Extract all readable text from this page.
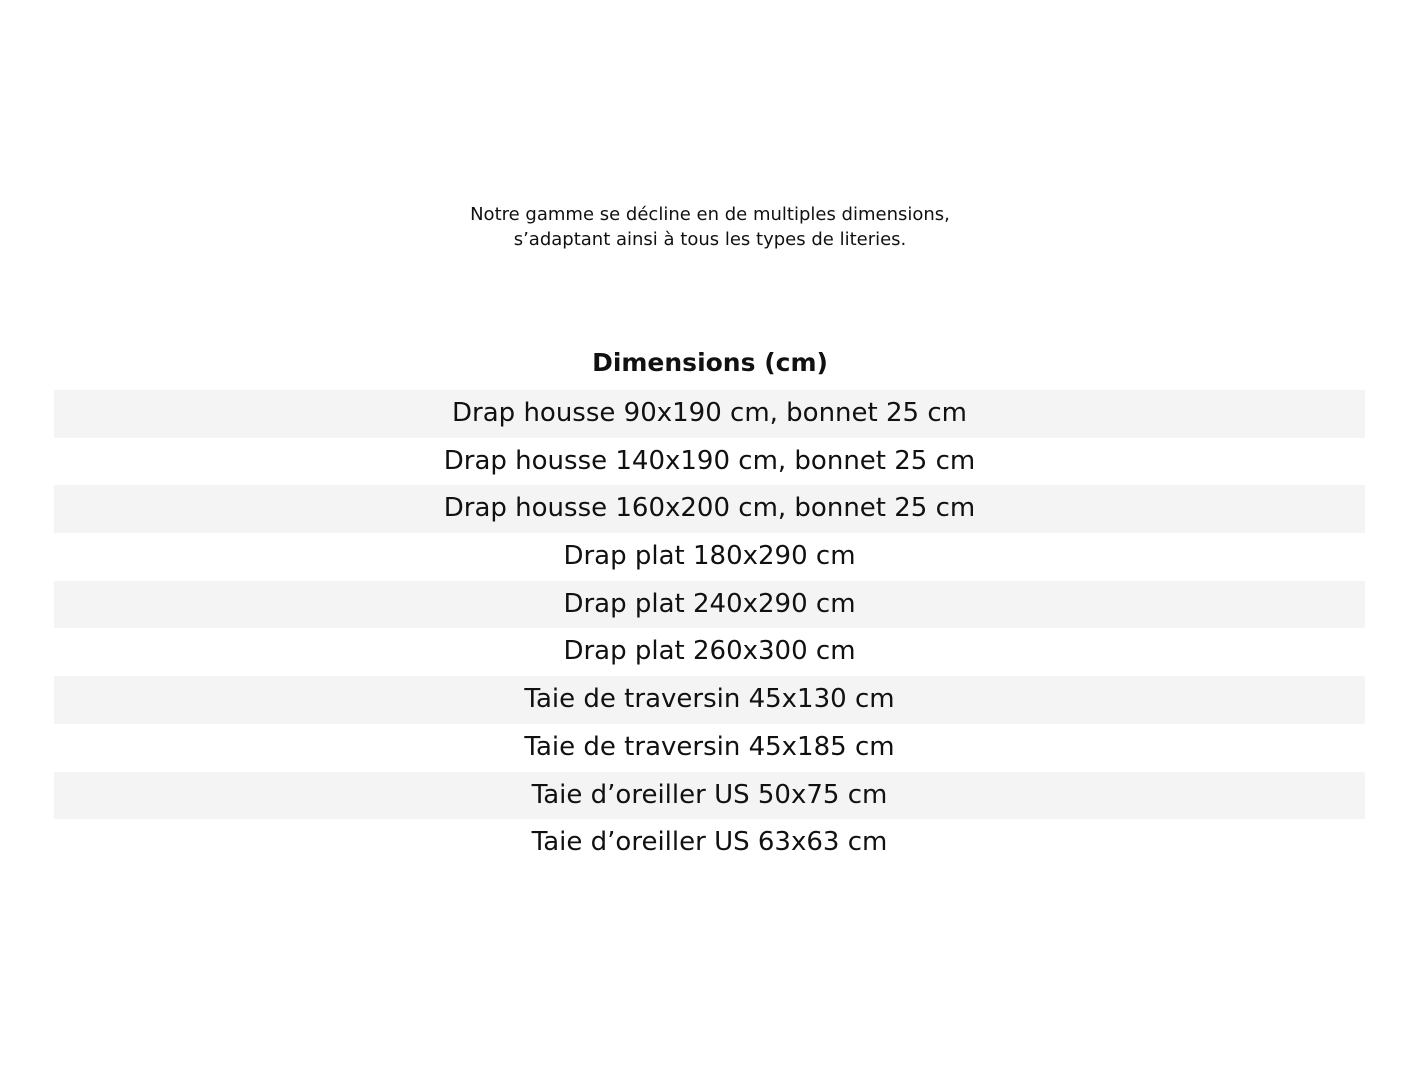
Notre gamme se décline en de multiples dimensions,
s’adaptant ainsi à tous les types de literies.
Dimensions (cm)
Drap housse 90x190 cm, bonnet 25 cm
Drap housse 140x190 cm, bonnet 25 cm
Drap housse 160x200 cm, bonnet 25 cm
Drap plat 180x290 cm
Drap plat 240x290 cm
Drap plat 260x300 cm
Taie de traversin 45x130 cm
Taie de traversin 45x185 cm
Taie d’oreiller US 50x75 cm
Taie d’oreiller US 63x63 cm
